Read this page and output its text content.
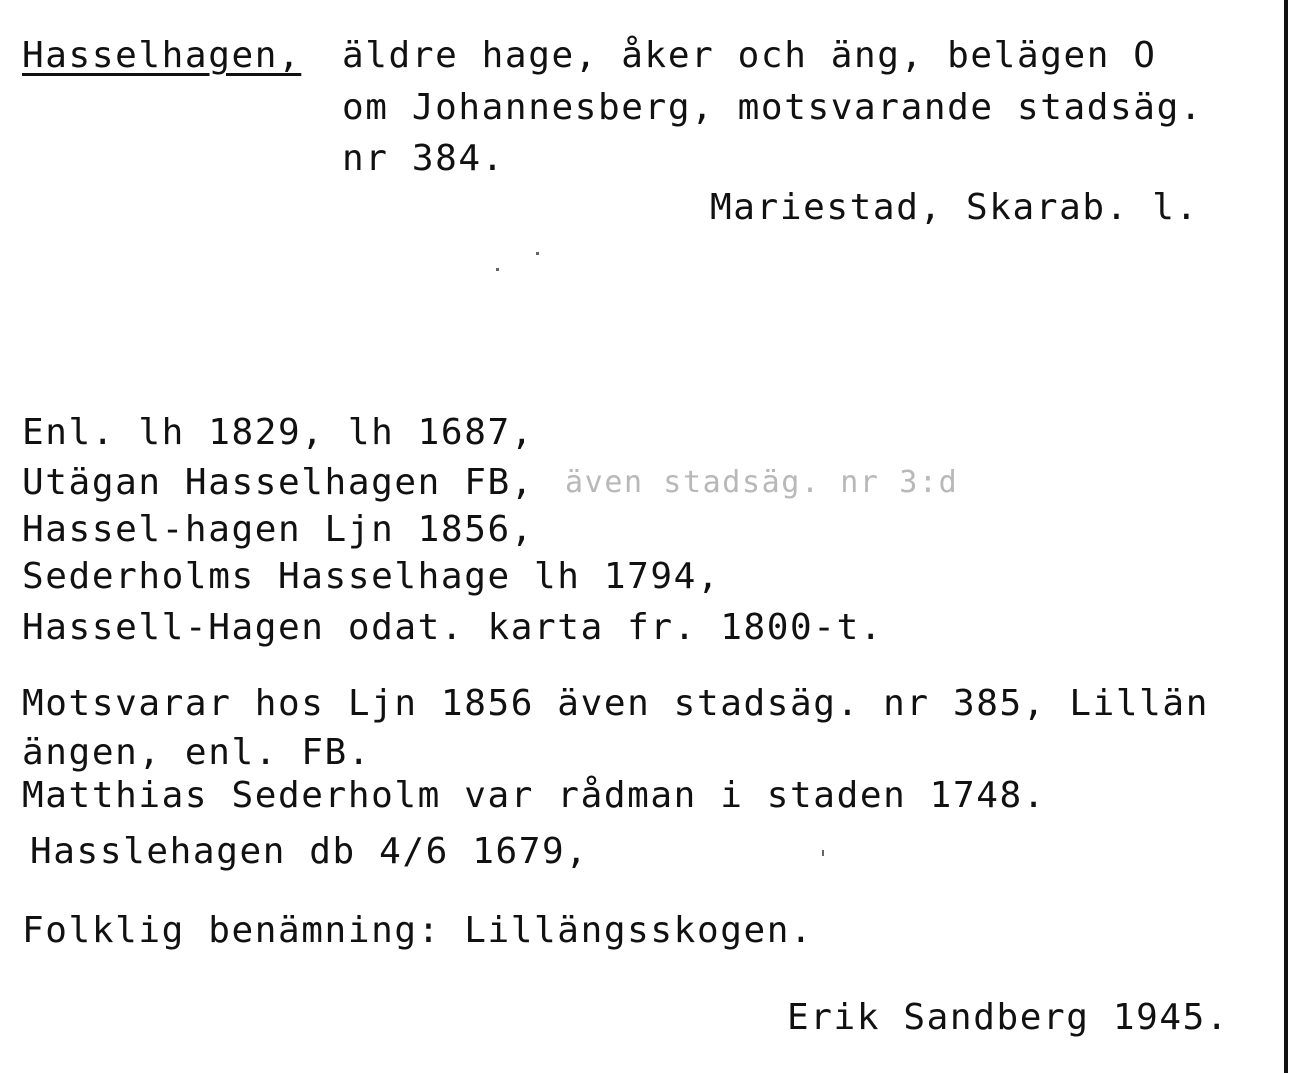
Hasselhagen, äldre hage, åker och äng, belägen O
om Johannesberg, motsvarande stadsäg.
nr 384.
Mariestad, Skarab. l.
Enl. lh 1829, lh 1687,
Utägan Hasselhagen FB, även stadsäg. nr 3:d
Hassel-hagen Ljn 1856,
Sederholms Hasselhage lh 1794,
Hassell-Hagen odat. karta fr. 1800-t.
Motsvarar hos Ljn 1856 även stadsäg. nr 385, Lillän
ängen, enl. FB.
Matthias Sederholm var rådman i staden 1748.
Hasslehagen db 4/6 1679,
Folklig benämning: Lillängsskogen.
Erik Sandberg 1945.
